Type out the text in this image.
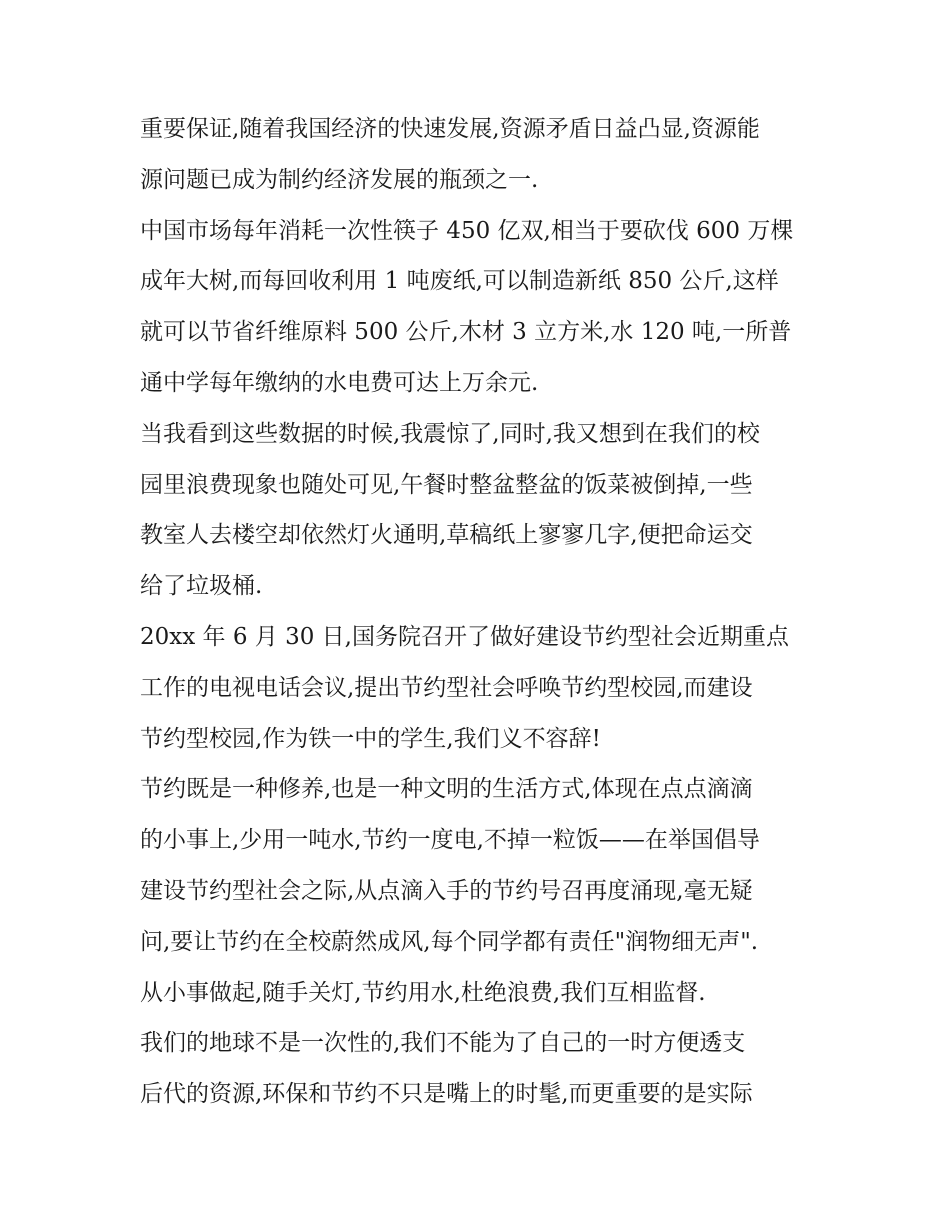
重要保证,随着我国经济的快速发展,资源矛盾日益凸显,资源能
源问题已成为制约经济发展的瓶颈之一.
中国市场每年消耗一次性筷子 450 亿双,相当于要砍伐 600 万棵
成年大树,而每回收利用 1 吨废纸,可以制造新纸 850 公斤,这样
就可以节省纤维原料 500 公斤,木材 3 立方米,水 120 吨,一所普
通中学每年缴纳的水电费可达上万余元.
当我看到这些数据的时候,我震惊了,同时,我又想到在我们的校
园里浪费现象也随处可见,午餐时整盆整盆的饭菜被倒掉,一些
教室人去楼空却依然灯火通明,草稿纸上寥寥几字,便把命运交
给了垃圾桶.
20xx 年 6 月 30 日,国务院召开了做好建设节约型社会近期重点
工作的电视电话会议,提出节约型社会呼唤节约型校园,而建设
节约型校园,作为铁一中的学生,我们义不容辞!
节约既是一种修养,也是一种文明的生活方式,体现在点点滴滴
的小事上,少用一吨水,节约一度电,不掉一粒饭——在举国倡导
建设节约型社会之际,从点滴入手的节约号召再度涌现,毫无疑
问,要让节约在全校蔚然成风,每个同学都有责任"润物细无声".
从小事做起,随手关灯,节约用水,杜绝浪费,我们互相监督.
我们的地球不是一次性的,我们不能为了自己的一时方便透支
后代的资源,环保和节约不只是嘴上的时髦,而更重要的是实际
